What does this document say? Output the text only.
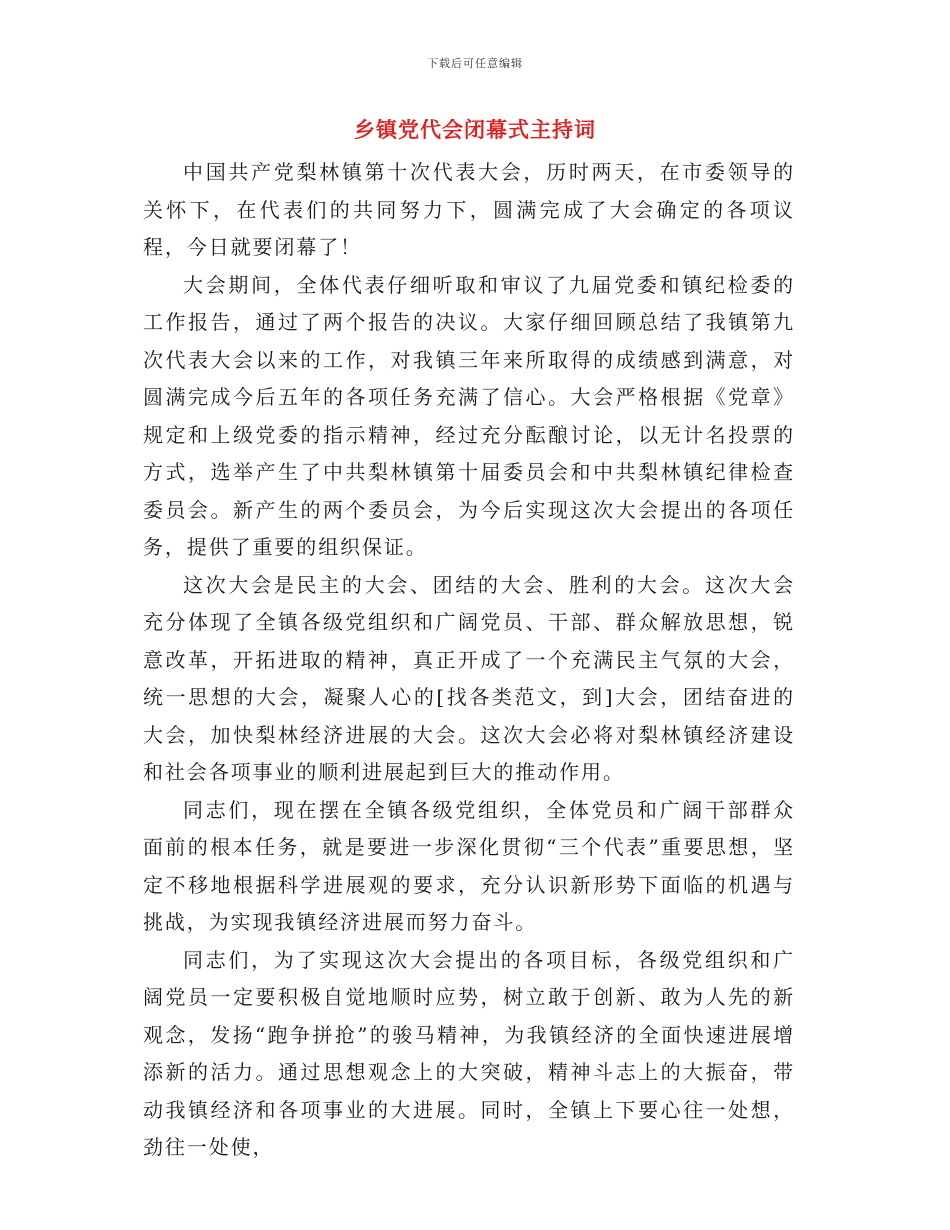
下载后可任意编辑
乡镇党代会闭幕式主持词

中国共产党梨林镇第十次代表大会，历时两天，在市委领导的关怀下，在代表们的共同努力下，圆满完成了大会确定的各项议程，今日就要闭幕了！

大会期间，全体代表仔细听取和审议了九届党委和镇纪检委的工作报告，通过了两个报告的决议。大家仔细回顾总结了我镇第九次代表大会以来的工作，对我镇三年来所取得的成绩感到满意，对圆满完成今后五年的各项任务充满了信心。大会严格根据《党章》规定和上级党委的指示精神，经过充分酝酿讨论，以无计名投票的方式，选举产生了中共梨林镇第十届委员会和中共梨林镇纪律检查委员会。新产生的两个委员会，为今后实现这次大会提出的各项任务，提供了重要的组织保证。

这次大会是民主的大会、团结的大会、胜利的大会。这次大会充分体现了全镇各级党组织和广阔党员、干部、群众解放思想，锐意改革，开拓进取的精神，真正开成了一个充满民主气氛的大会，统一思想的大会，凝聚人心的[找各类范文，到]大会，团结奋进的大会，加快梨林经济进展的大会。这次大会必将对梨林镇经济建设和社会各项事业的顺利进展起到巨大的推动作用。

同志们，现在摆在全镇各级党组织，全体党员和广阔干部群众面前的根本任务，就是要进一步深化贯彻“三个代表”重要思想，坚定不移地根据科学进展观的要求，充分认识新形势下面临的机遇与挑战，为实现我镇经济进展而努力奋斗。

同志们，为了实现这次大会提出的各项目标，各级党组织和广阔党员一定要积极自觉地顺时应势，树立敢于创新、敢为人先的新观念，发扬“跑争拼抢”的骏马精神，为我镇经济的全面快速进展增添新的活力。通过思想观念上的大突破，精神斗志上的大振奋，带动我镇经济和各项事业的大进展。同时，全镇上下要心往一处想，劲往一处使，
